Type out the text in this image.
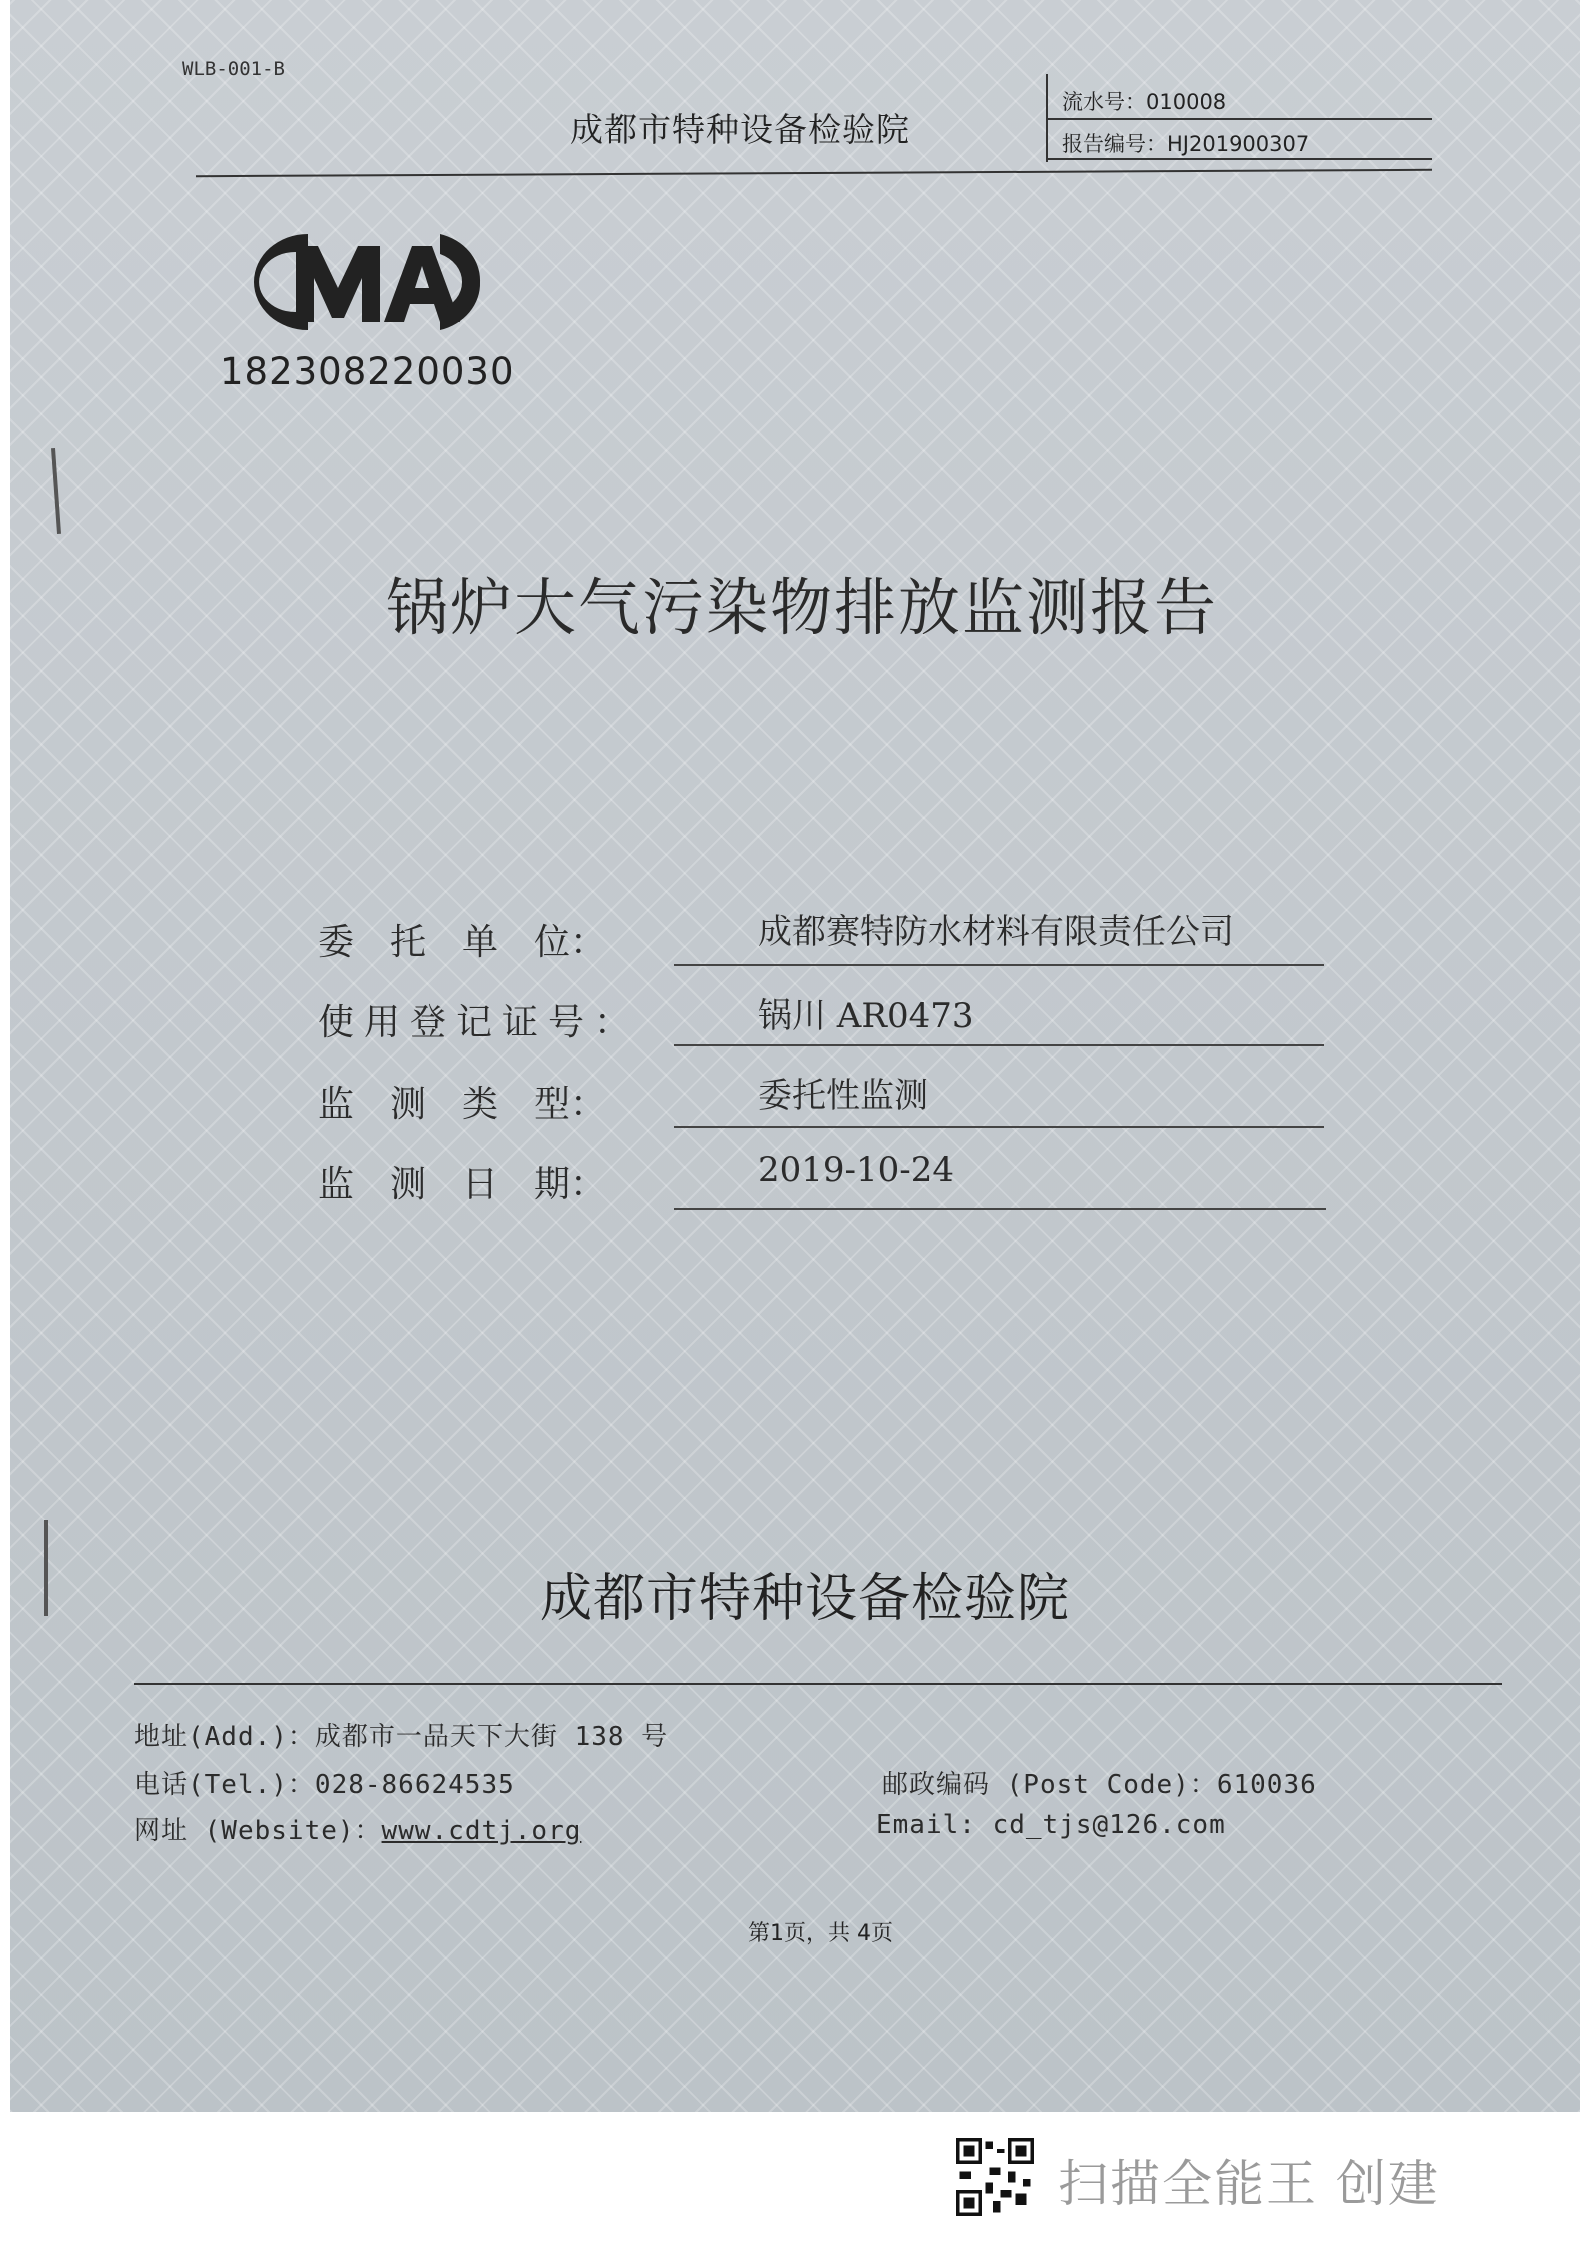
WLB-001-B
成都市特种设备检验院
流水号：010008
报告编号：HJ201900307
182308220030
锅炉大气污染物排放监测报告
委　托　单　位：	成都赛特防水材料有限责任公司
使用登记证号：	锅川 AR0473
监　测　类　型：	委托性监测
监　测　日　期：	2019-10-24
成都市特种设备检验院
地址(Add.)：成都市一品天下大街 138 号
电话(Tel.)：028-86624535	邮政编码 (Post Code)：610036
网址 (Website)：www.cdtj.org	Email: cd_tjs@126.com
第1页，共 4页
扫描全能王 创建
